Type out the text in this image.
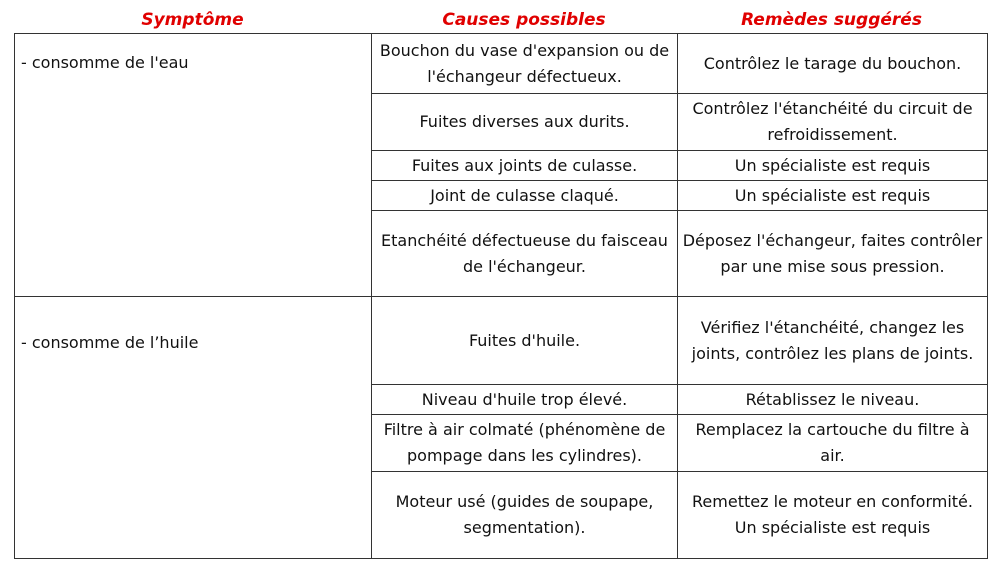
Symptôme	Causes possibles	Remèdes suggérés
- consomme de l'eau	Bouchon du vase d'expansion ou de l'échangeur défectueux.	Contrôlez le tarage du bouchon.
	Fuites diverses aux durits.	Contrôlez l'étanchéité du circuit de refroidissement.
	Fuites aux joints de culasse.	Un spécialiste est requis
	Joint de culasse claqué.	Un spécialiste est requis
	Etanchéité défectueuse du faisceau de l'échangeur.	Déposez l'échangeur, faites contrôler par une mise sous pression.

- consomme de l’huile	Fuites d'huile.	Vérifiez l'étanchéité, changez les joints, contrôlez les plans de joints.
	Niveau d'huile trop élevé.	Rétablissez le niveau.
	Filtre à air colmaté (phénomène de pompage dans les cylindres).	Remplacez la cartouche du filtre à air.
	Moteur usé (guides de soupape, segmentation).	Remettez le moteur en conformité. Un spécialiste est requis
